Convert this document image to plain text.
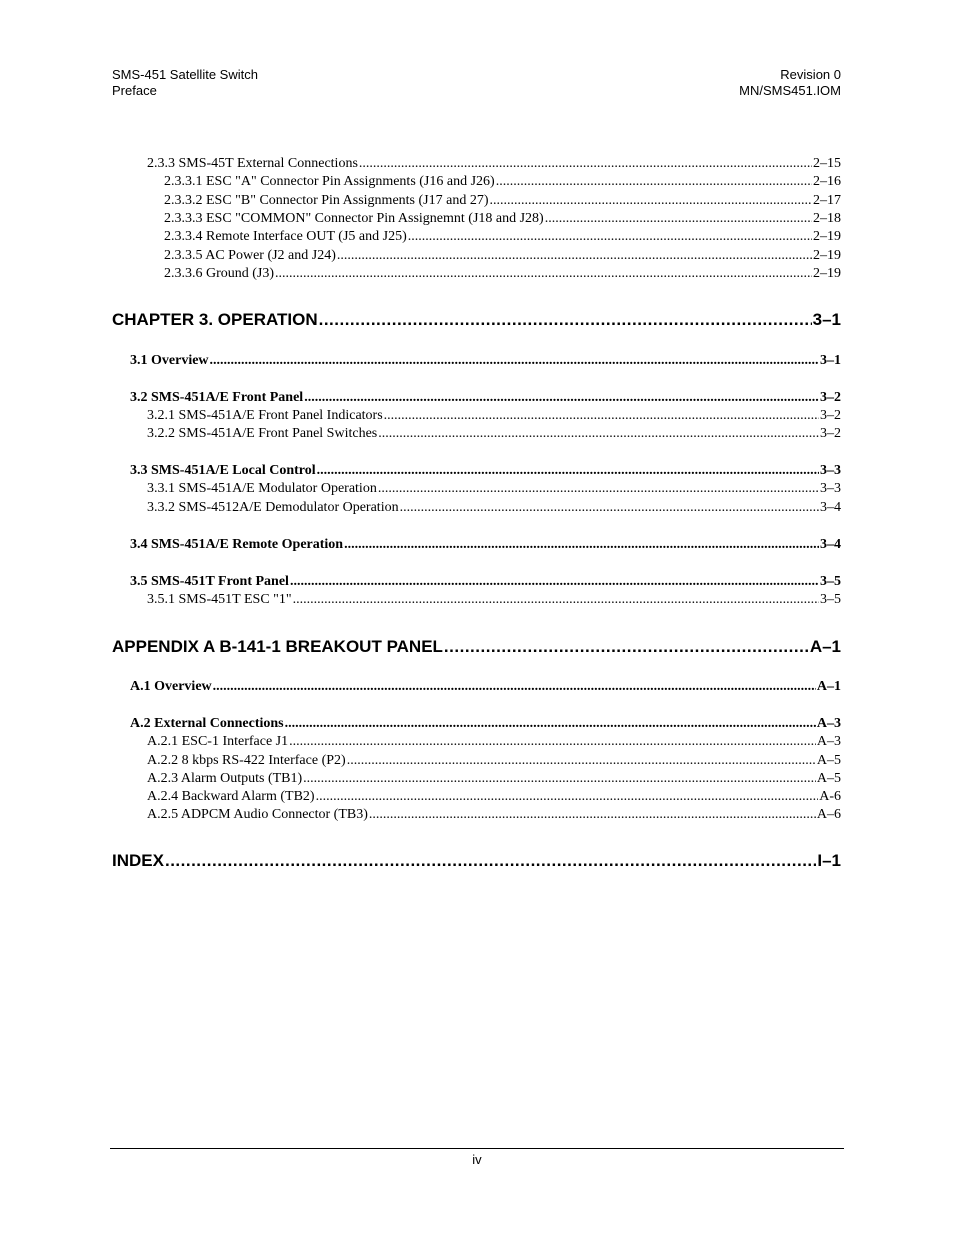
SMS-451 Satellite Switch
Preface
Revision 0
MN/SMS451.IOM
2.3.3 SMS-45T External Connections .....	2–15
2.3.3.1 ESC "A" Connector Pin Assignments (J16 and J26) .....	2–16
2.3.3.2 ESC "B" Connector Pin Assignments (J17 and 27) .....	2–17
2.3.3.3 ESC "COMMON" Connector Pin Assignemnt (J18 and J28) .....	2–18
2.3.3.4 Remote Interface OUT (J5 and J25) .....	2–19
2.3.3.5 AC Power (J2 and J24) .....	2–19
2.3.3.6 Ground (J3) .....	2–19
CHAPTER 3. OPERATION .....	3–1
3.1 Overview .....	3–1
3.2 SMS-451A/E Front Panel .....	3–2
3.2.1 SMS-451A/E Front Panel Indicators .....	3–2
3.2.2 SMS-451A/E Front Panel Switches .....	3–2
3.3 SMS-451A/E Local Control .....	3–3
3.3.1 SMS-451A/E Modulator Operation .....	3–3
3.3.2 SMS-4512A/E Demodulator Operation .....	3–4
3.4 SMS-451A/E Remote Operation .....	3–4
3.5 SMS-451T Front Panel .....	3–5
3.5.1 SMS-451T ESC "1" .....	3–5
APPENDIX A B-141-1 BREAKOUT PANEL .....	A–1
A.1 Overview .....	A–1
A.2 External Connections .....	A–3
A.2.1 ESC-1 Interface J1 .....	A–3
A.2.2 8 kbps RS-422 Interface (P2) .....	A–5
A.2.3 Alarm Outputs (TB1) .....	A–5
A.2.4 Backward Alarm (TB2) .....	A-6
A.2.5 ADPCM Audio Connector (TB3) .....	A–6
INDEX .....	I–1
iv
